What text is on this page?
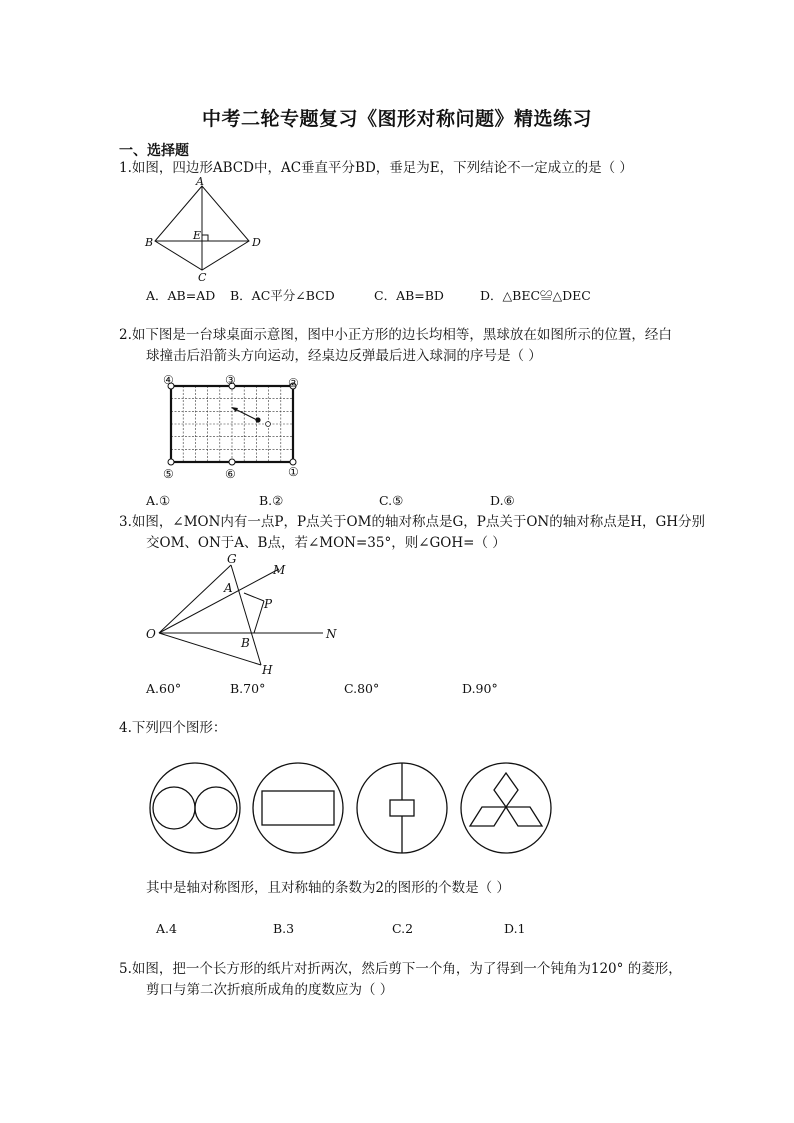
中考二轮专题复习《图形对称问题》精选练习
一、选择题
1.如图，四边形ABCD中，AC垂直平分BD，垂足为E，下列结论不一定成立的是（ ）
A
B	D
E
C
A．AB=AD B．AC平分∠BCD	C．AB=BD	D．△BEC≌△DEC
2.如下图是一台球桌面示意图，图中小正方形的边长均相等，黑球放在如图所示的位置，经白
球撞击后沿箭头方向运动，经桌边反弹最后进入球洞的序号是（ ）
④	③	②
⑤	⑥	①
A.①	B.②	C.⑤	D.⑥
3.如图，∠MON内有一点P，P点关于OM的轴对称点是G，P点关于ON的轴对称点是H，GH分别
交OM、ON于A、B点，若∠MON=35°，则∠GOH=（ ）
G
M
A
P
O
B
N
H
A.60°	B.70°	C.80°	D.90°
4.下列四个图形：
其中是轴对称图形，且对称轴的条数为2的图形的个数是（ ）
A.4	B.3	C.2	D.1
5.如图，把一个长方形的纸片对折两次，然后剪下一个角，为了得到一个钝角为120° 的菱形，
剪口与第二次折痕所成角的度数应为（ ）
